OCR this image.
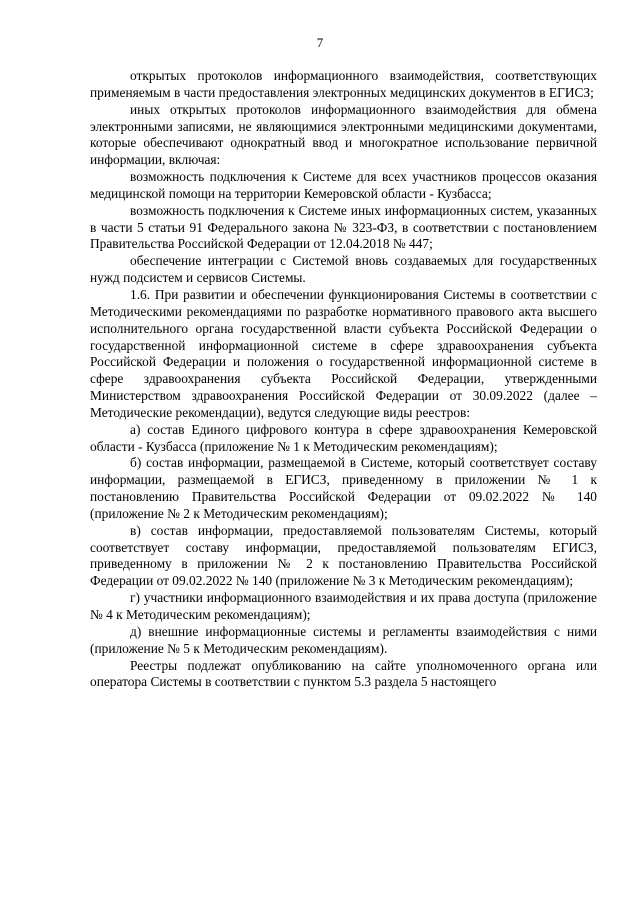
7

открытых протоколов информационного взаимодействия, соответствующих применяемым в части предоставления электронных медицинских документов в ЕГИСЗ;

иных открытых протоколов информационного взаимодействия для обмена электронными записями, не являющимися электронными медицинскими документами, которые обеспечивают однократный ввод и многократное использование первичной информации, включая:

возможность подключения к Системе для всех участников процессов оказания медицинской помощи на территории Кемеровской области - Кузбасса;

возможность подключения к Системе иных информационных систем, указанных в части 5 статьи 91 Федерального закона № 323-ФЗ, в соответствии с постановлением Правительства Российской Федерации от 12.04.2018 № 447;

обеспечение интеграции с Системой вновь создаваемых для государственных нужд подсистем и сервисов Системы.

1.6. При развитии и обеспечении функционирования Системы в соответствии с Методическими рекомендациями по разработке нормативного правового акта высшего исполнительного органа государственной власти субъекта Российской Федерации о государственной информационной системе в сфере здравоохранения субъекта Российской Федерации и положения о государственной информационной системе в сфере здравоохранения субъекта Российской Федерации, утвержденными Министерством здравоохранения Российской Федерации от 30.09.2022 (далее – Методические рекомендации), ведутся следующие виды реестров:

а) состав Единого цифрового контура в сфере здравоохранения Кемеровской области - Кузбасса (приложение № 1 к Методическим рекомендациям);

б) состав информации, размещаемой в Системе, который соответствует составу информации, размещаемой в ЕГИСЗ, приведенному в приложении № 1 к постановлению Правительства Российской Федерации от 09.02.2022 № 140 (приложение № 2 к Методическим рекомендациям);

в) состав информации, предоставляемой пользователям Системы, который соответствует составу информации, предоставляемой пользователям ЕГИСЗ, приведенному в приложении № 2 к постановлению Правительства Российской Федерации от 09.02.2022 № 140 (приложение № 3 к Методическим рекомендациям);

г) участники информационного взаимодействия и их права доступа (приложение № 4 к Методическим рекомендациям);

д) внешние информационные системы и регламенты взаимодействия с ними (приложение № 5 к Методическим рекомендациям).

Реестры подлежат опубликованию на сайте уполномоченного органа или оператора Системы в соответствии с пунктом 5.3 раздела 5 настоящего
